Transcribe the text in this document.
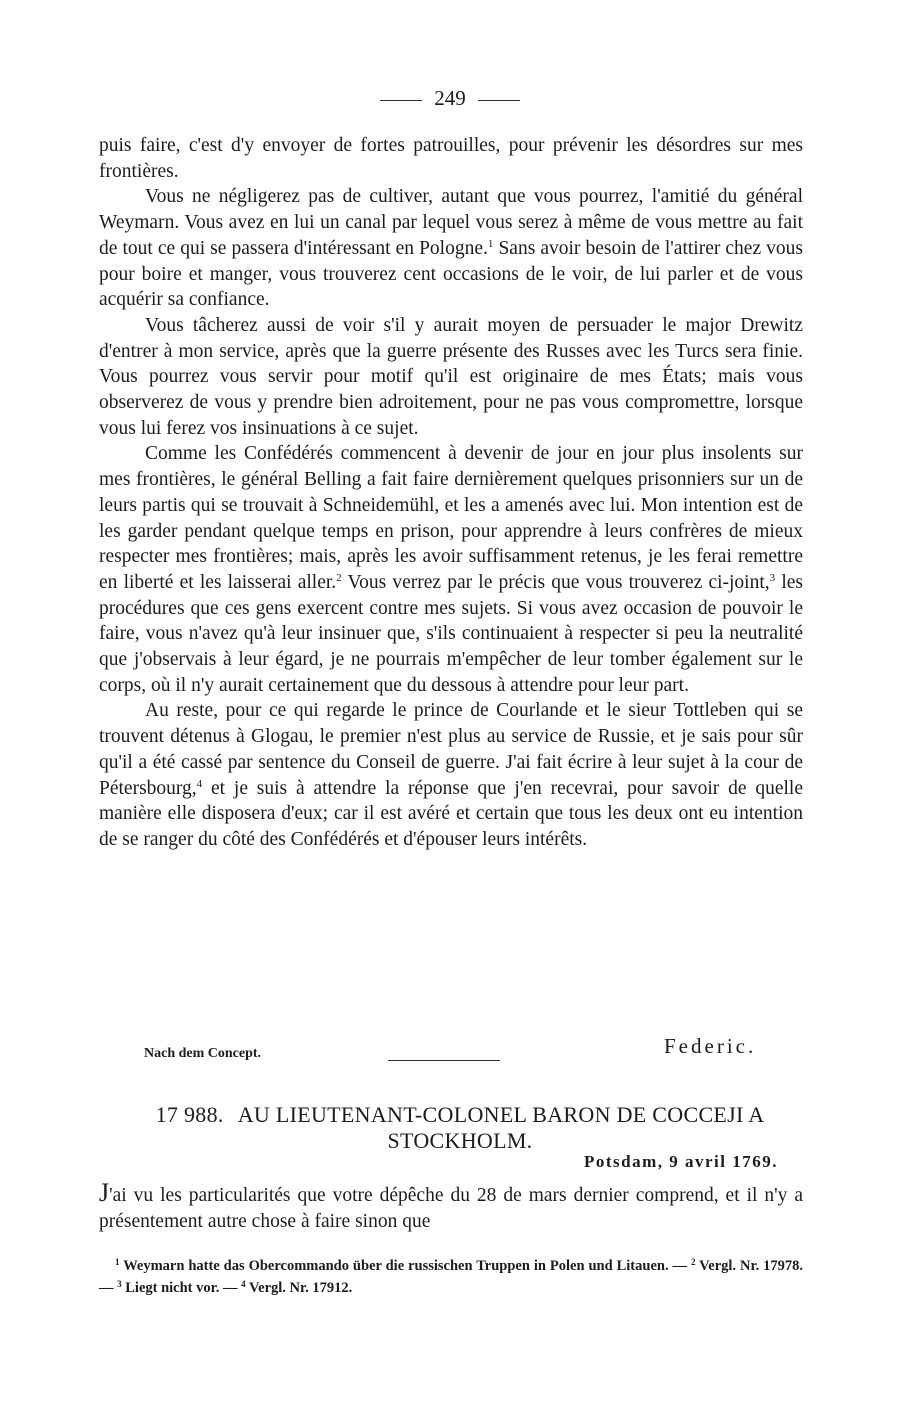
249

puis faire, c'est d'y envoyer de fortes patrouilles, pour prévenir les désordres sur mes frontières.

Vous ne négligerez pas de cultiver, autant que vous pourrez, l'amitié du général Weymarn. Vous avez en lui un canal par lequel vous serez à même de vous mettre au fait de tout ce qui se passera d'intéressant en Pologne.$^1$ Sans avoir besoin de l'attirer chez vous pour boire et manger, vous trouverez cent occasions de le voir, de lui parler et de vous acquérir sa confiance.

Vous tâcherez aussi de voir s'il y aurait moyen de persuader le major Drewitz d'entrer à mon service, après que la guerre présente des Russes avec les Turcs sera finie. Vous pourrez vous servir pour motif qu'il est originaire de mes États; mais vous observerez de vous y prendre bien adroitement, pour ne pas vous compromettre, lorsque vous lui ferez vos insinuations à ce sujet.

Comme les Confédérés commencent à devenir de jour en jour plus insolents sur mes frontières, le général Belling a fait faire dernièrement quelques prisonniers sur un de leurs partis qui se trouvait à Schneidemühl, et les a amenés avec lui. Mon intention est de les garder pendant quelque temps en prison, pour apprendre à leurs confrères de mieux respecter mes frontières; mais, après les avoir suffisamment retenus, je les ferai remettre en liberté et les laisserai aller.$^2$ Vous verrez par le précis que vous trouverez ci-joint,$^3$ les procédures que ces gens exercent contre mes sujets. Si vous avez occasion de pouvoir le faire, vous n'avez qu'à leur insinuer que, s'ils continuaient à respecter si peu la neutralité que j'observais à leur égard, je ne pourrais m'empêcher de leur tomber également sur le corps, où il n'y aurait certainement que du dessous à attendre pour leur part.

Au reste, pour ce qui regarde le prince de Courlande et le sieur Tottleben qui se trouvent détenus à Glogau, le premier n'est plus au service de Russie, et je sais pour sûr qu'il a été cassé par sentence du Conseil de guerre. J'ai fait écrire à leur sujet à la cour de Pétersbourg,$^4$ et je suis à attendre la réponse que j'en recevrai, pour savoir de quelle manière elle disposera d'eux; car il est avéré et certain que tous les deux ont eu intention de se ranger du côté des Confédérés et d'épouser leurs intérêts.

Nach dem Concept.	Federic.
17 988. AU LIEUTENANT-COLONEL BARON DE COCCEJI A STOCKHOLM.
Potsdam, 9 avril 1769.
J'ai vu les particularités que votre dépêche du 28 de mars dernier comprend, et il n'y a présentement autre chose à faire sinon que

$^1$ Weymarn hatte das Obercommando über die russischen Truppen in Polen und Litauen. — $^2$ Vergl. Nr. 17978. — $^3$ Liegt nicht vor. — $^4$ Vergl. Nr. 17912.
